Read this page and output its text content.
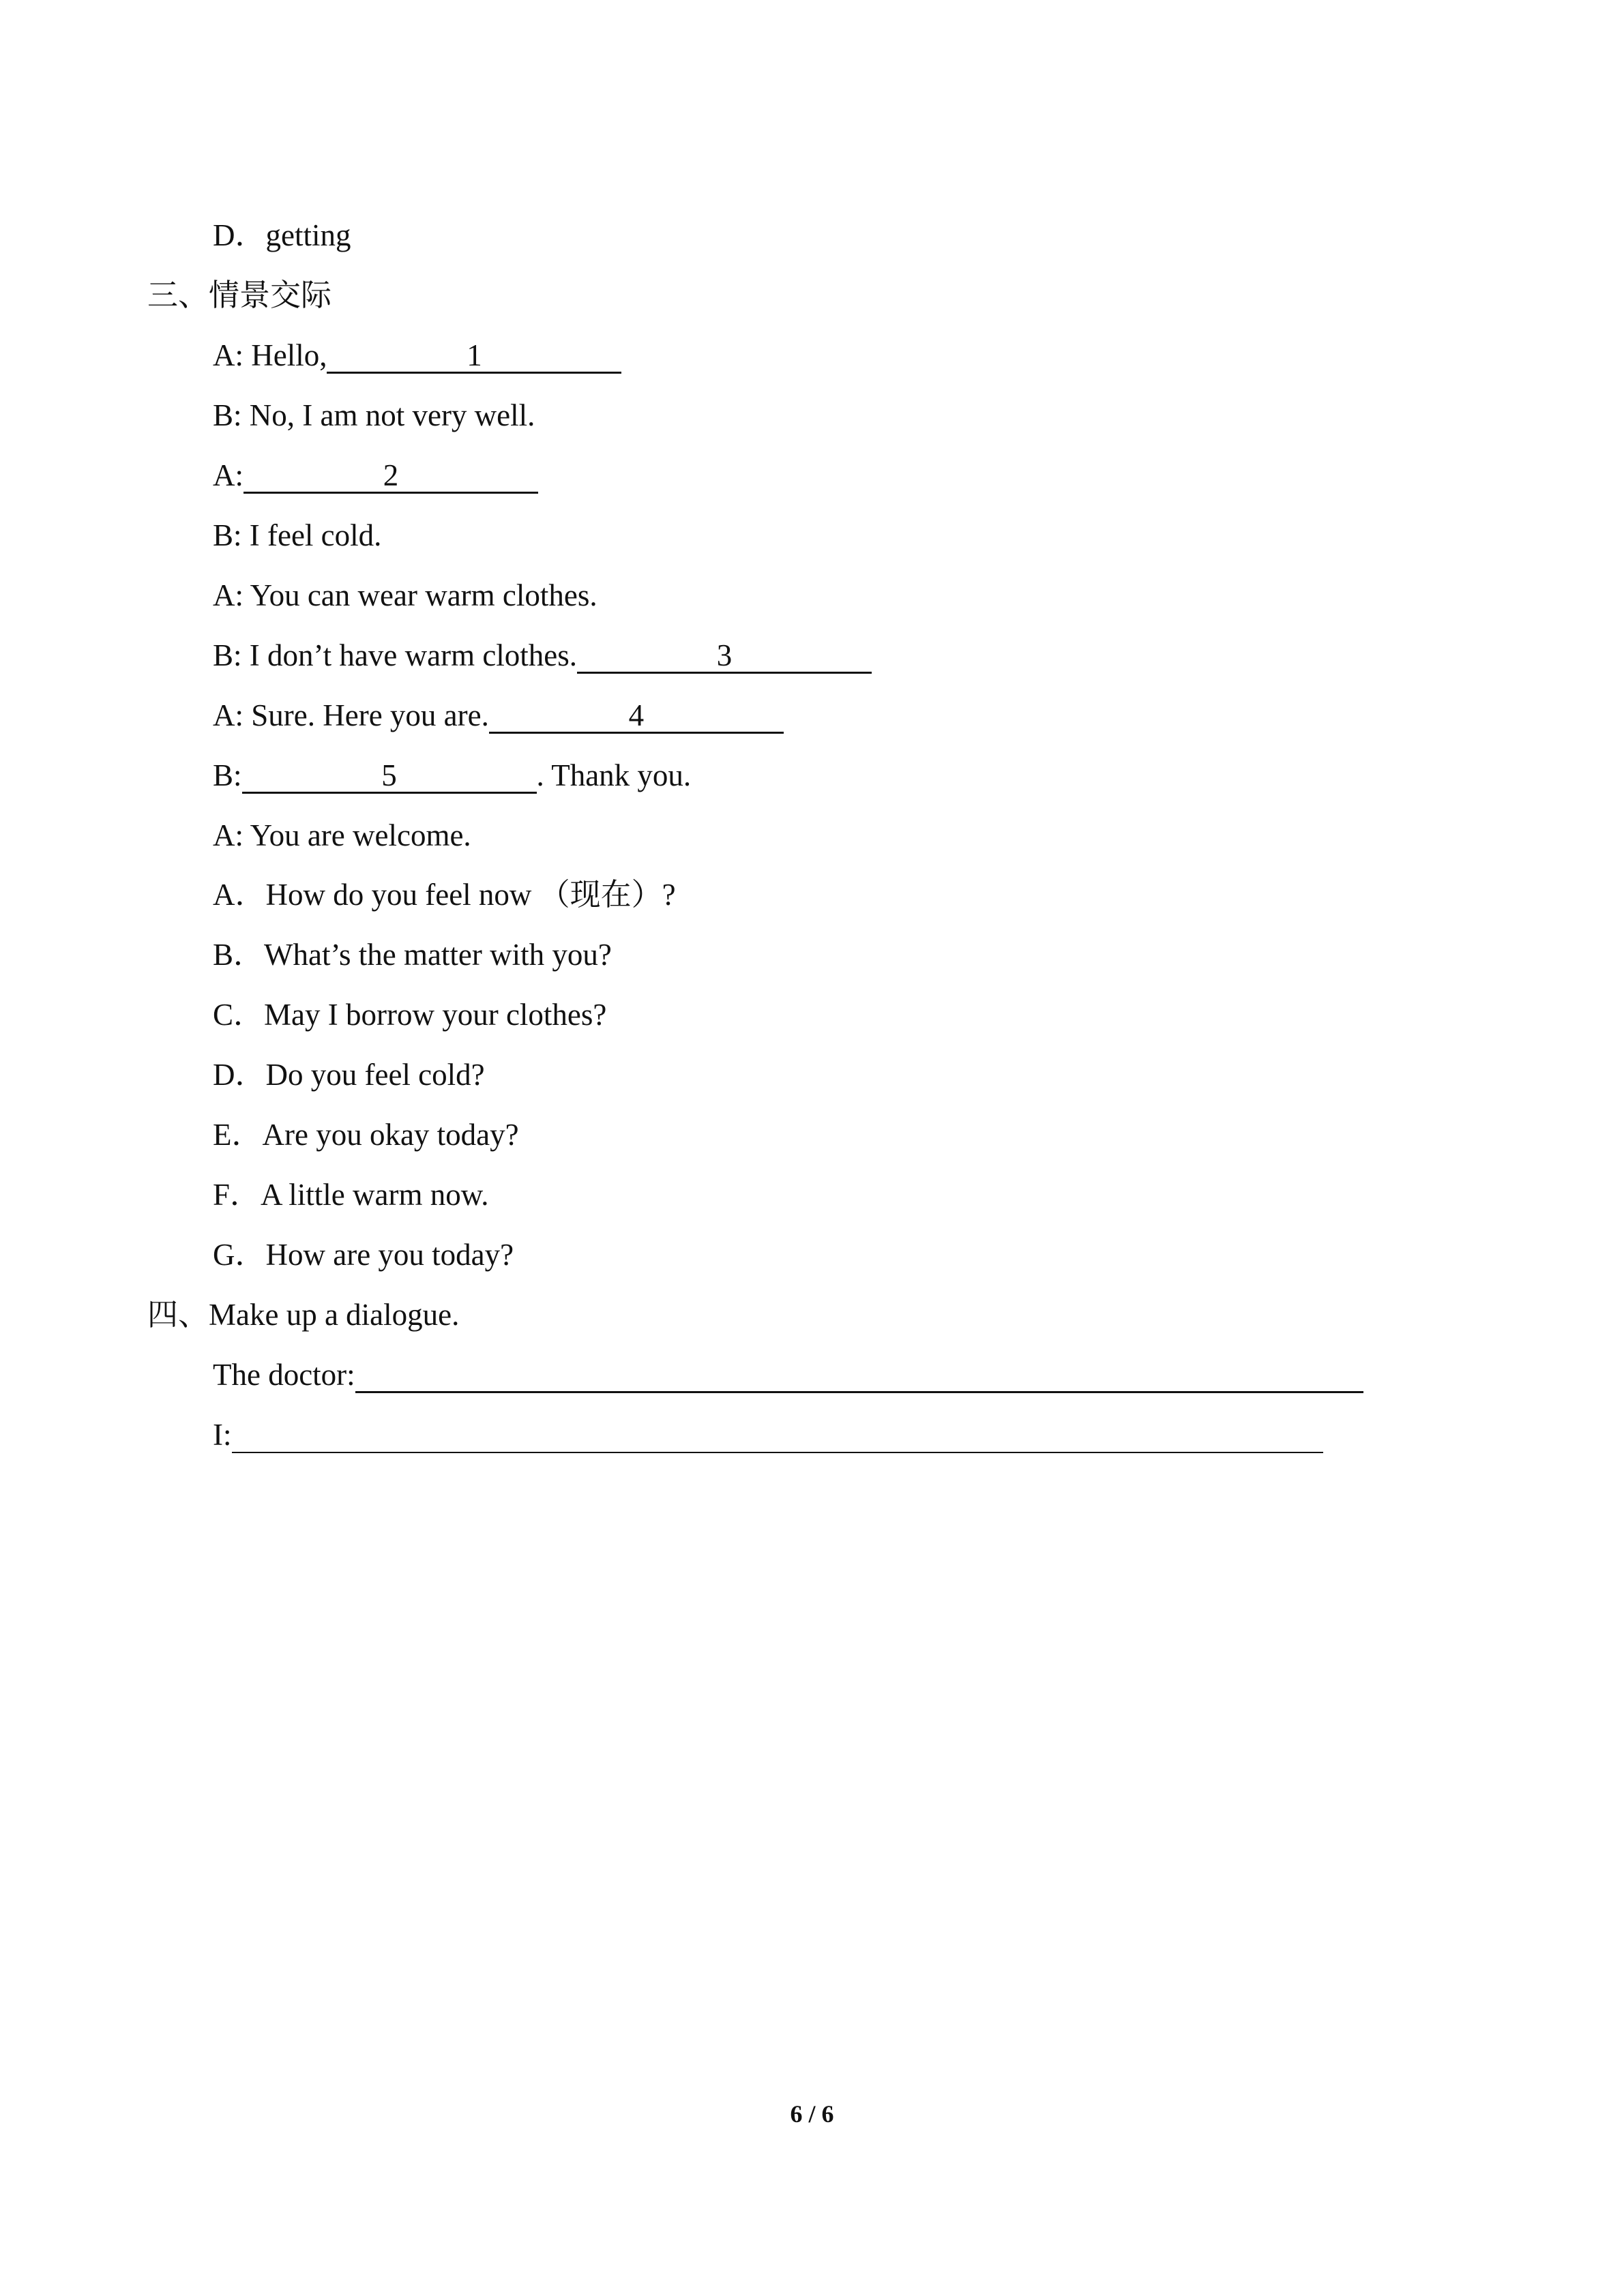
D．getting
三、情景交际
A: Hello,	1
B: No, I am not very well.
A:	2
B: I feel cold.
A: You can wear warm clothes.
B: I don’t have warm clothes.	3
A: Sure. Here you are.	4
B:	5	. Thank you.
A: You are welcome.
A．How do you feel now （现在）?
B．What’s the matter with you?
C．May I borrow your clothes?
D．Do you feel cold?
E．Are you okay today?
F．A little warm now.
G．How are you today?
四、Make up a dialogue.
The doctor:
I:
6 / 6
